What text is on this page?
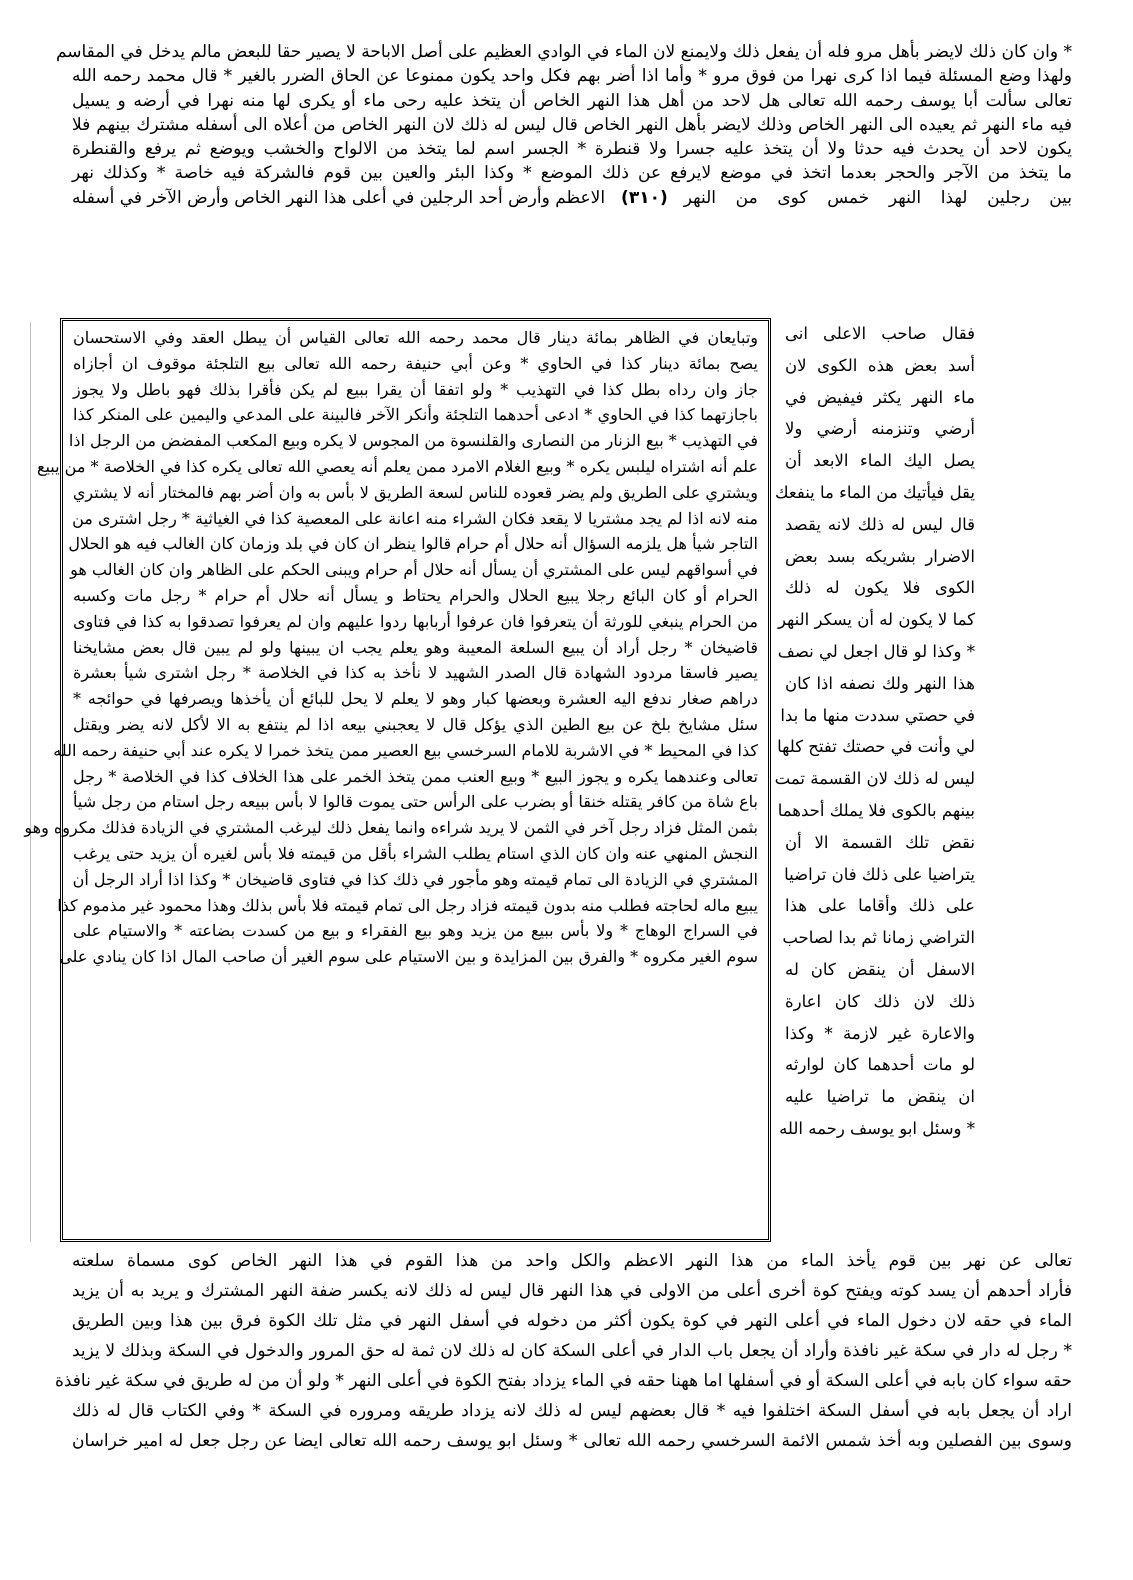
* وان كان ذلك لايضر بأهل مرو فله أن يفعل ذلك ولايمنع لان الماء في الوادي العظيم على أصل الاباحة لا يصير حقا للبعض مالم يدخل في المقاسم
ولهذا وضع المسئلة فيما اذا كرى نهرا من فوق مرو * وأما اذا أضر بهم فكل واحد يكون ممنوعا عن الحاق الضرر بالغير * قال محمد رحمه الله
تعالى سألت أبا يوسف رحمه الله تعالى هل لاحد من أهل هذا النهر الخاص أن يتخذ عليه رحى ماء أو يكرى لها منه نهرا في أرضه و يسيل
فيه ماء النهر ثم يعيده الى النهر الخاص وذلك لايضر بأهل النهر الخاص قال ليس له ذلك لان النهر الخاص من أعلاه الى أسفله مشترك بينهم فلا
يكون لاحد أن يحدث فيه حدثا ولا أن يتخذ عليه جسرا ولا قنطرة * الجسر اسم لما يتخذ من الالواح والخشب ويوضع ثم يرفع والقنطرة
ما يتخذ من الآجر والحجر بعدما اتخذ في موضع لايرفع عن ذلك الموضع * وكذا البئر والعين بين قوم فالشركة فيه خاصة * وكذلك نهر
بين رجلين لهذا النهر خمس كوى من النهر
(٣١٠)
الاعظم وأرض أحد الرجلين في أعلى هذا النهر الخاص وأرض الآخر في أسفله
وتبايعان في الظاهر بمائة دينار قال محمد رحمه الله تعالى القياس أن يبطل العقد وفي الاستحسان
يصح بمائة دينار كذا في الحاوي * وعن أبي حنيفة رحمه الله تعالى بيع التلجئة موقوف ان أجازاه
جاز وان رداه بطل كذا في التهذيب * ولو اتفقا أن يقرا ببيع لم يكن فأقرا بذلك فهو باطل ولا يجوز
باجازتهما كذا في الحاوي * ادعى أحدهما التلجئة وأنكر الآخر فالبينة على المدعي واليمين على المنكر كذا
في التهذيب * بيع الزنار من النصارى والقلنسوة من المجوس لا يكره وبيع المكعب المفضض من الرجل اذا
علم أنه اشتراه ليلبس يكره * وبيع الغلام الامرد ممن يعلم أنه يعصي الله تعالى يكره كذا في الخلاصة * من يبيع
ويشتري على الطريق ولم يضر قعوده للناس لسعة الطريق لا بأس به وان أضر بهم فالمختار أنه لا يشتري
منه لانه اذا لم يجد مشتريا لا يقعد فكان الشراء منه اعانة على المعصية كذا في الغياثية * رجل اشترى من
التاجر شيأ هل يلزمه السؤال أنه حلال أم حرام قالوا ينظر ان كان في بلد وزمان كان الغالب فيه هو الحلال
في أسواقهم ليس على المشتري أن يسأل أنه حلال أم حرام ويبنى الحكم على الظاهر وان كان الغالب هو
الحرام أو كان البائع رجلا يبيع الحلال والحرام يحتاط و يسأل أنه حلال أم حرام * رجل مات وكسبه
من الحرام ينبغي للورثة أن يتعرفوا فان عرفوا أربابها ردوا عليهم وان لم يعرفوا تصدقوا به كذا في فتاوى
قاضيخان * رجل أراد أن يبيع السلعة المعيبة وهو يعلم يجب ان يبينها ولو لم يبين قال بعض مشايخنا
يصير فاسقا مردود الشهادة قال الصدر الشهيد لا نأخذ به كذا في الخلاصة * رجل اشترى شيأ بعشرة
دراهم صغار ندفع اليه العشرة وبعضها كبار وهو لا يعلم لا يحل للبائع أن يأخذها ويصرفها في حوائجه *
سئل مشايخ بلخ عن بيع الطين الذي يؤكل قال لا يعجبني بيعه اذا لم ينتفع به الا لأكل لانه يضر ويقتل
كذا في المحيط * في الاشربة للامام السرخسي بيع العصير ممن يتخذ خمرا لا يكره عند أبي حنيفة رحمه الله
تعالى وعندهما يكره و يجوز البيع * وبيع العنب ممن يتخذ الخمر على هذا الخلاف كذا في الخلاصة * رجل
باع شاة من كافر يقتله خنقا أو بضرب على الرأس حتى يموت قالوا لا بأس ببيعه رجل استام من رجل شيأ
بثمن المثل فزاد رجل آخر في الثمن لا يريد شراءه وانما يفعل ذلك ليرغب المشتري في الزيادة فذلك مكروه وهو
النجش المنهي عنه وان كان الذي استام يطلب الشراء بأقل من قيمته فلا بأس لغيره أن يزيد حتى يرغب
المشتري في الزيادة الى تمام قيمته وهو مأجور في ذلك كذا في فتاوى قاضيخان * وكذا اذا أراد الرجل أن
يبيع ماله لحاجته فطلب منه بدون قيمته فزاد رجل الى تمام قيمته فلا بأس بذلك وهذا محمود غير مذموم كذا
في السراج الوهاج * ولا بأس ببيع من يزيد وهو بيع الفقراء و بيع من كسدت بضاعته * والاستيام على
سوم الغير مكروه * والفرق بين المزايدة و بين الاستيام على سوم الغير أن صاحب المال اذا كان ينادي على
فقال صاحب الاعلى انى
أسد بعض هذه الكوى لان
ماء النهر يكثر فيفيض في
أرضي وتنزمنه أرضي ولا
يصل اليك الماء الابعد أن
يقل فيأتيك من الماء ما ينفعك
قال ليس له ذلك لانه يقصد
الاضرار بشريكه بسد بعض
الكوى فلا يكون له ذلك
كما لا يكون له أن يسكر النهر
* وكذا لو قال اجعل لي نصف
هذا النهر ولك نصفه اذا كان
في حصتي سددت منها ما بدا
لي وأنت في حصتك تفتح كلها
ليس له ذلك لان القسمة تمت
بينهم بالكوى فلا يملك أحدهما
نقض تلك القسمة الا أن
يتراضيا على ذلك فان تراضيا
على ذلك وأقاما على هذا
التراضي زمانا ثم بدا لصاحب
الاسفل أن ينقض كان له
ذلك لان ذلك كان اعارة
والاعارة غير لازمة * وكذا
لو مات أحدهما كان لوارثه
ان ينقض ما تراضيا عليه
* وسئل ابو يوسف رحمه الله
تعالى عن نهر بين قوم يأخذ الماء من هذا النهر الاعظم والكل واحد من هذا القوم في هذا النهر الخاص كوى مسماة سلعته
فأراد أحدهم أن يسد كوته ويفتح كوة أخرى أعلى من الاولى في هذا النهر قال ليس له ذلك لانه يكسر ضفة النهر المشترك و يريد به أن يزيد
الماء في حقه لان دخول الماء في أعلى النهر في كوة يكون أكثر من دخوله في أسفل النهر في مثل تلك الكوة فرق بين هذا وبين الطريق
* رجل له دار في سكة غير نافذة وأراد أن يجعل باب الدار في أعلى السكة كان له ذلك لان ثمة له حق المرور والدخول في السكة وبذلك لا يزيد
حقه سواء كان بابه في أعلى السكة أو في أسفلها اما ههنا حقه في الماء يزداد بفتح الكوة في أعلى النهر * ولو أن من له طريق في سكة غير نافذة
اراد أن يجعل بابه في أسفل السكة اختلفوا فيه * قال بعضهم ليس له ذلك لانه يزداد طريقه ومروره في السكة * وفي الكتاب قال له ذلك
وسوى بين الفصلين وبه أخذ شمس الائمة السرخسي رحمه الله تعالى * وسئل ابو يوسف رحمه الله تعالى ايضا عن رجل جعل له امير خراسان
